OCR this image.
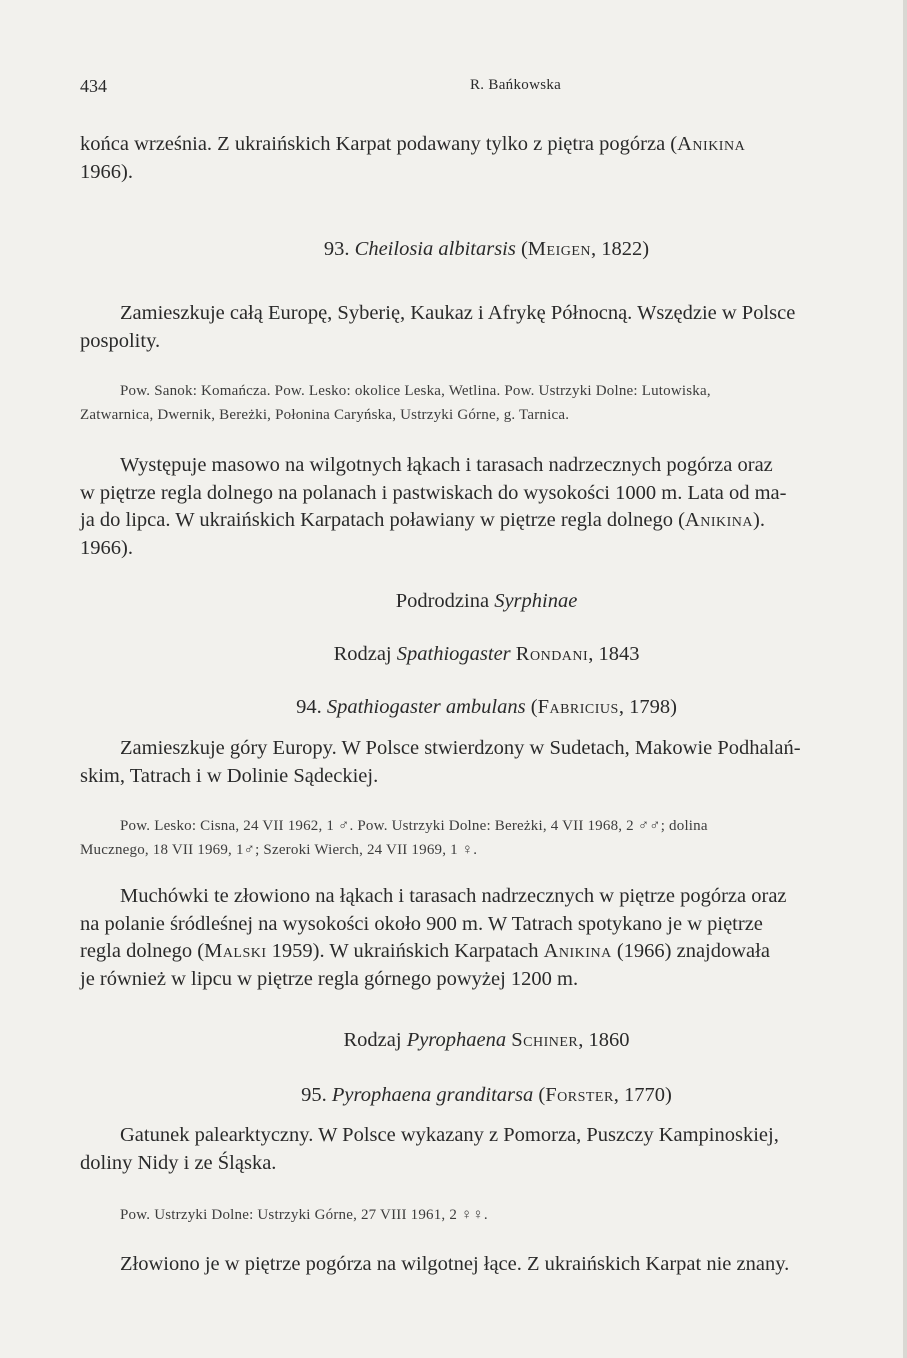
434	R. Bańkowska

końca września. Z ukraińskich Karpat podawany tylko z piętra pogórza (Anikina

1966).

93. Cheilosia albitarsis (Meigen, 1822)

Zamieszkuje całą Europę, Syberię, Kaukaz i Afrykę Północną. Wszędzie w Polsce

pospolity.

Pow. Sanok: Komańcza. Pow. Lesko: okolice Leska, Wetlina. Pow. Ustrzyki Dolne: Lutowiska,

Zatwarnica, Dwernik, Bereżki, Połonina Caryńska, Ustrzyki Górne, g. Tarnica.

Występuje masowo na wilgotnych łąkach i tarasach nadrzecznych pogórza oraz

w piętrze regla dolnego na polanach i pastwiskach do wysokości 1000 m. Lata od ma-

ja do lipca. W ukraińskich Karpatach poławiany w piętrze regla dolnego (Anikina).

1966).

Podrodzina Syrphinae

Rodzaj Spathiogaster Rondani, 1843

94. Spathiogaster ambulans (Fabricius, 1798)

Zamieszkuje góry Europy. W Polsce stwierdzony w Sudetach, Makowie Podhalań-

skim, Tatrach i w Dolinie Sądeckiej.

Pow. Lesko: Cisna, 24 VII 1962, 1 ♂. Pow. Ustrzyki Dolne: Bereżki, 4 VII 1968, 2 ♂♂; dolina

Mucznego, 18 VII 1969, 1♂; Szeroki Wierch, 24 VII 1969, 1 ♀.

Muchówki te złowiono na łąkach i tarasach nadrzecznych w piętrze pogórza oraz

na polanie śródleśnej na wysokości około 900 m. W Tatrach spotykano je w piętrze

regla dolnego (Malski 1959). W ukraińskich Karpatach Anikina (1966) znajdowała

je również w lipcu w piętrze regla górnego powyżej 1200 m.

Rodzaj Pyrophaena Schiner, 1860

95. Pyrophaena granditarsa (Forster, 1770)

Gatunek palearktyczny. W Polsce wykazany z Pomorza, Puszczy Kampinoskiej,

doliny Nidy i ze Śląska.

Pow. Ustrzyki Dolne: Ustrzyki Górne, 27 VIII 1961, 2 ♀♀.

Złowiono je w piętrze pogórza na wilgotnej łące. Z ukraińskich Karpat nie znany.
